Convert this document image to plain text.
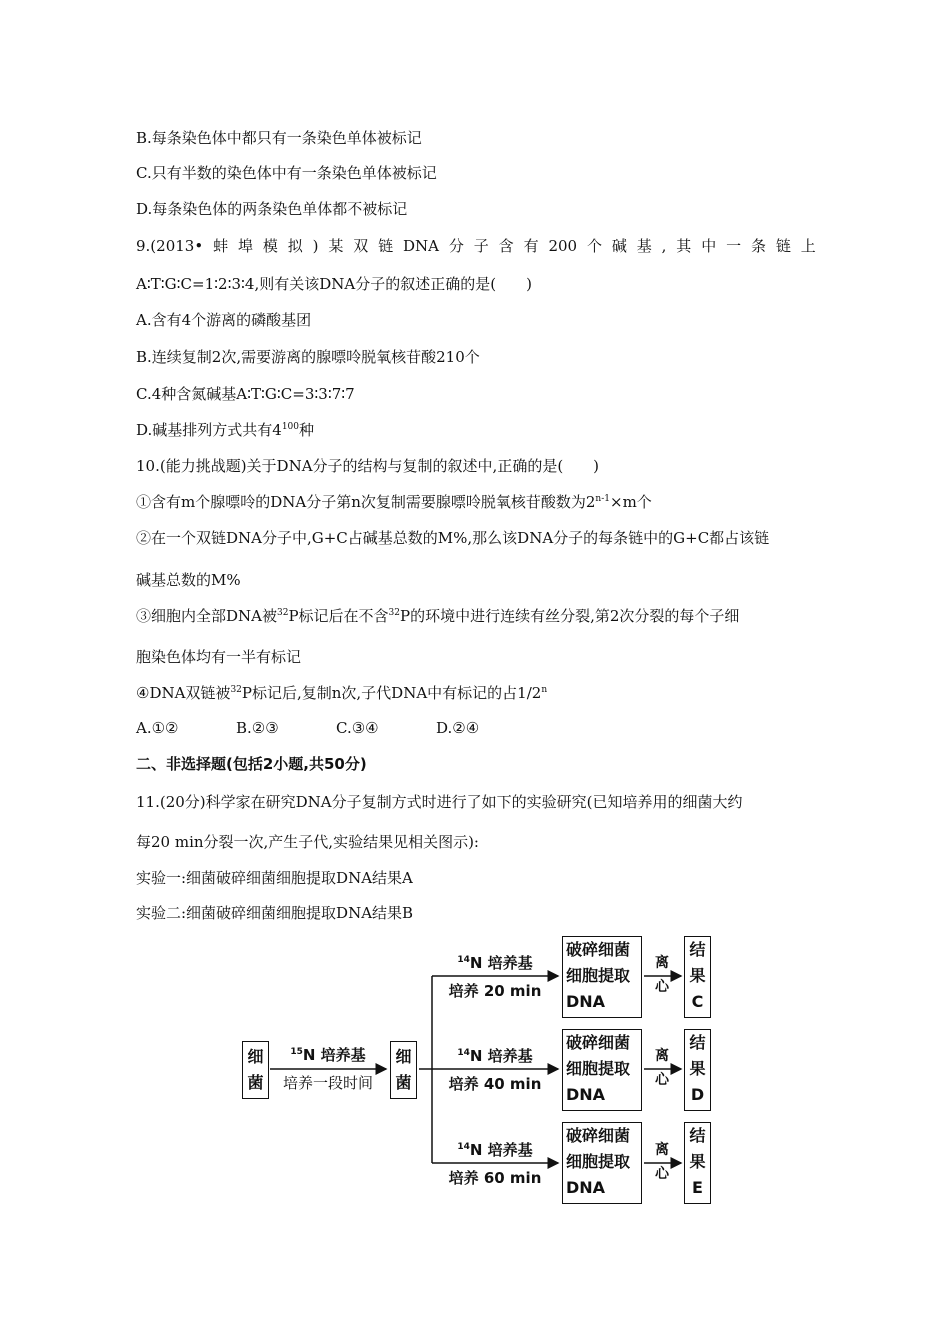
B.每条染色体中都只有一条染色单体被标记
C.只有半数的染色体中有一条染色单体被标记
D.每条染色体的两条染色单体都不被标记
9.(2013• 蚌 埠 模 拟 ) 某 双 链 DNA 分 子 含 有 200 个 碱 基 , 其 中 一 条 链 上
A∶T∶G∶C=1∶2∶3∶4,则有关该DNA分子的叙述正确的是(　　)
A.含有4个游离的磷酸基团
B.连续复制2次,需要游离的腺嘌呤脱氧核苷酸210个
C.4种含氮碱基A∶T∶G∶C=3∶3∶7∶7
D.碱基排列方式共有$4^{100}$种
10.(能力挑战题)关于DNA分子的结构与复制的叙述中,正确的是(　　)
①含有m个腺嘌呤的DNA分子第n次复制需要腺嘌呤脱氧核苷酸数为$2^{n-1}\times m$个
②在一个双链DNA分子中,G+C占碱基总数的M%,那么该DNA分子的每条链中的G+C都占该链
碱基总数的M%
③细胞内全部DNA被$^{32}$P标记后在不含$^{32}$P的环境中进行连续有丝分裂,第2次分裂的每个子细
胞染色体均有一半有标记
④DNA双链被$^{32}$P标记后,复制n次,子代DNA中有标记的占1/2$^n$
A.①②	B.②③	C.③④	D.②④
二、非选择题(包括2小题,共50分)
11.(20分)科学家在研究DNA分子复制方式时进行了如下的实验研究(已知培养用的细菌大约
每20 min分裂一次,产生子代,实验结果见相关图示):
实验一:细菌破碎细菌细胞提取DNA结果A
实验二:细菌破碎细菌细胞提取DNA结果B
细
菌
$^{15}$N 培养基
培养一段时间
细
菌
$^{14}$N 培养基
培养 20 min
破碎细菌
细胞提取
DNA
离
心
结
果
C
$^{14}$N 培养基
培养 40 min
破碎细菌
细胞提取
DNA
离
心
结
果
D
$^{14}$N 培养基
培养 60 min
破碎细菌
细胞提取
DNA
离
心
结
果
E
